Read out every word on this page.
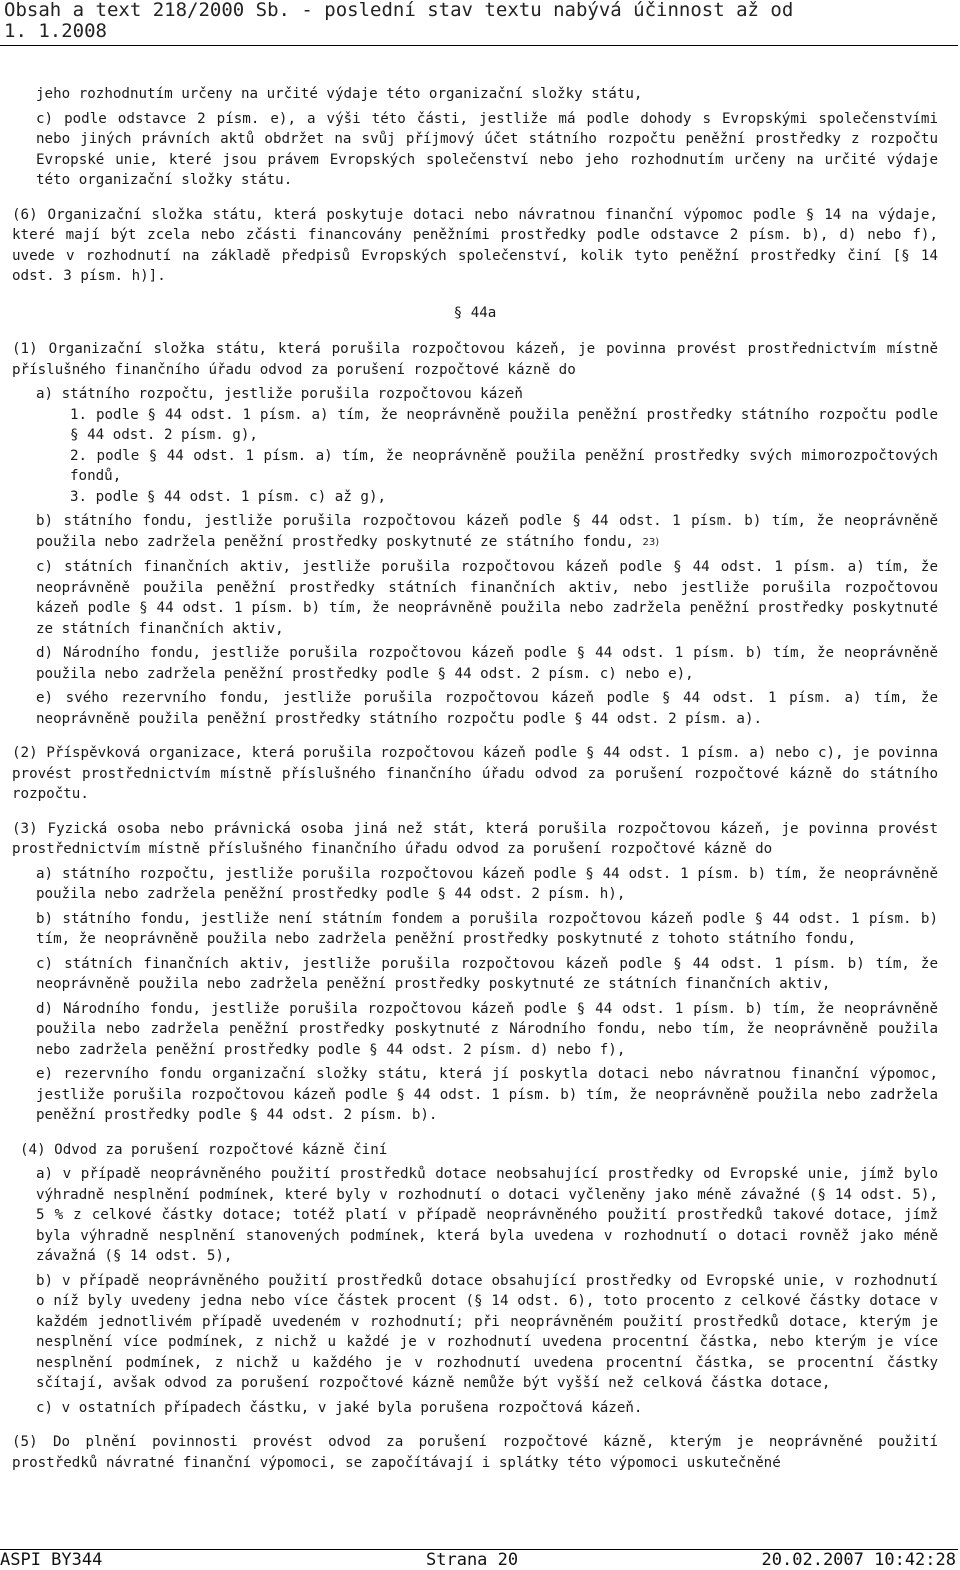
Obsah a text 218/2000 Sb. - poslední stav textu nabývá účinnost až od
1. 1.2008
jeho rozhodnutím určeny na určité výdaje této organizační složky státu,
c) podle odstavce 2 písm. e), a výši této části, jestliže má podle dohody s Evropskými společenstvími nebo jiných právních aktů obdržet na svůj příjmový účet státního rozpočtu peněžní prostředky z rozpočtu Evropské unie, které jsou právem Evropských společenství nebo jeho rozhodnutím určeny na určité výdaje této organizační složky státu.
(6) Organizační složka státu, která poskytuje dotaci nebo návratnou finanční výpomoc podle § 14 na výdaje, které mají být zcela nebo zčásti financovány peněžními prostředky podle odstavce 2 písm. b), d) nebo f), uvede v rozhodnutí na základě předpisů Evropských společenství, kolik tyto peněžní prostředky činí [§ 14 odst. 3 písm. h)].
§ 44a
(1) Organizační složka státu, která porušila rozpočtovou kázeň, je povinna provést prostřednictvím místně příslušného finančního úřadu odvod za porušení rozpočtové kázně do
a) státního rozpočtu, jestliže porušila rozpočtovou kázeň
1. podle § 44 odst. 1 písm. a) tím, že neoprávněně použila peněžní prostředky státního rozpočtu podle § 44 odst. 2 písm. g),
2. podle § 44 odst. 1 písm. a) tím, že neoprávněně použila peněžní prostředky svých mimorozpočtových fondů,
3. podle § 44 odst. 1 písm. c) až g),
b) státního fondu, jestliže porušila rozpočtovou kázeň podle § 44 odst. 1 písm. b) tím, že neoprávněně použila nebo zadržela peněžní prostředky poskytnuté ze státního fondu, 23)
c) státních finančních aktiv, jestliže porušila rozpočtovou kázeň podle § 44 odst. 1 písm. a) tím, že neoprávněně použila peněžní prostředky státních finančních aktiv, nebo jestliže porušila rozpočtovou kázeň podle § 44 odst. 1 písm. b) tím, že neoprávněně použila nebo zadržela peněžní prostředky poskytnuté ze státních finančních aktiv,
d) Národního fondu, jestliže porušila rozpočtovou kázeň podle § 44 odst. 1 písm. b) tím, že neoprávněně použila nebo zadržela peněžní prostředky podle § 44 odst. 2 písm. c) nebo e),
e) svého rezervního fondu, jestliže porušila rozpočtovou kázeň podle § 44 odst. 1 písm. a) tím, že neoprávněně použila peněžní prostředky státního rozpočtu podle § 44 odst. 2 písm. a).
(2) Příspěvková organizace, která porušila rozpočtovou kázeň podle § 44 odst. 1 písm. a) nebo c), je povinna provést prostřednictvím místně příslušného finančního úřadu odvod za porušení rozpočtové kázně do státního rozpočtu.
(3) Fyzická osoba nebo právnická osoba jiná než stát, která porušila rozpočtovou kázeň, je povinna provést prostřednictvím místně příslušného finančního úřadu odvod za porušení rozpočtové kázně do
a) státního rozpočtu, jestliže porušila rozpočtovou kázeň podle § 44 odst. 1 písm. b) tím, že neoprávněně použila nebo zadržela peněžní prostředky podle § 44 odst. 2 písm. h),
b) státního fondu, jestliže není státním fondem a porušila rozpočtovou kázeň podle § 44 odst. 1 písm. b) tím, že neoprávněně použila nebo zadržela peněžní prostředky poskytnuté z tohoto státního fondu,
c) státních finančních aktiv, jestliže porušila rozpočtovou kázeň podle § 44 odst. 1 písm. b) tím, že neoprávněně použila nebo zadržela peněžní prostředky poskytnuté ze státních finančních aktiv,
d) Národního fondu, jestliže porušila rozpočtovou kázeň podle § 44 odst. 1 písm. b) tím, že neoprávněně použila nebo zadržela peněžní prostředky poskytnuté z Národního fondu, nebo tím, že neoprávněně použila nebo zadržela peněžní prostředky podle § 44 odst. 2 písm. d) nebo f),
e) rezervního fondu organizační složky státu, která jí poskytla dotaci nebo návratnou finanční výpomoc, jestliže porušila rozpočtovou kázeň podle § 44 odst. 1 písm. b) tím, že neoprávněně použila nebo zadržela peněžní prostředky podle § 44 odst. 2 písm. b).
(4) Odvod za porušení rozpočtové kázně činí
a) v případě neoprávněného použití prostředků dotace neobsahující prostředky od Evropské unie, jímž bylo výhradně nesplnění podmínek, které byly v rozhodnutí o dotaci vyčleněny jako méně závažné (§ 14 odst. 5), 5 % z celkové částky dotace; totéž platí v případě neoprávněného použití prostředků takové dotace, jímž byla výhradně nesplnění stanovených podmínek, která byla uvedena v rozhodnutí o dotaci rovněž jako méně závažná (§ 14 odst. 5),
b) v případě neoprávněného použití prostředků dotace obsahující prostředky od Evropské unie, v rozhodnutí o níž byly uvedeny jedna nebo více částek procent (§ 14 odst. 6), toto procento z celkové částky dotace v každém jednotlivém případě uvedeném v rozhodnutí; při neoprávněném použití prostředků dotace, kterým je nesplnění více podmínek, z nichž u každé je v rozhodnutí uvedena procentní částka, nebo kterým je více nesplnění podmínek, z nichž u každého je v rozhodnutí uvedena procentní částka, se procentní částky sčítají, avšak odvod za porušení rozpočtové kázně nemůže být vyšší než celková částka dotace,
c) v ostatních případech částku, v jaké byla porušena rozpočtová kázeň.
(5) Do plnění povinnosti provést odvod za porušení rozpočtové kázně, kterým je neoprávněné použití prostředků návratné finanční výpomoci, se započítávají i splátky této výpomoci uskutečněné
ASPI BY344	Strana 20	20.02.2007 10:42:28
